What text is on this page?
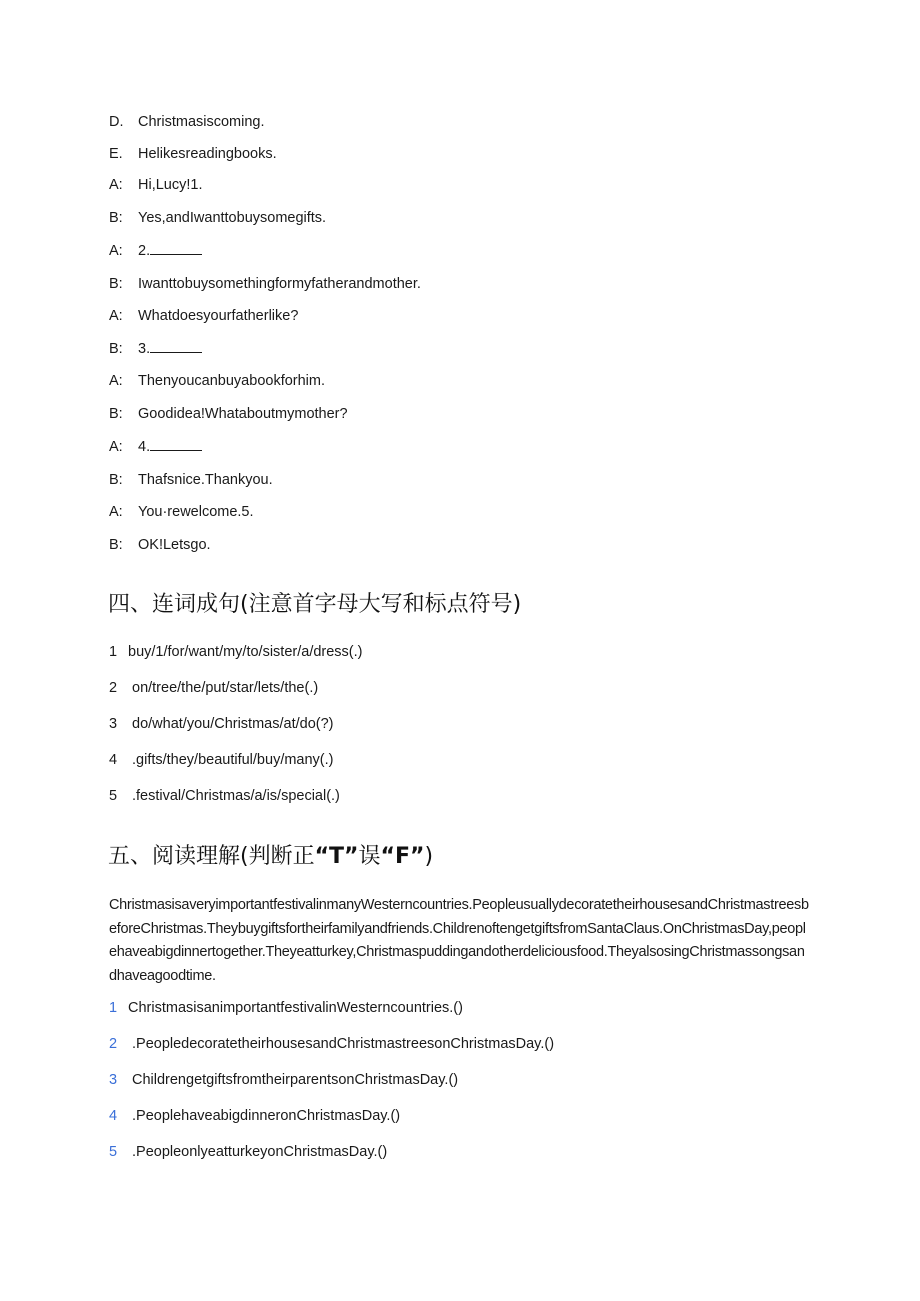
D. Christmasiscoming.
E. Helikesreadingbooks.
A: Hi,Lucy!1.
B: Yes,andIwanttobuysomegifts.
A: 2.
B: Iwanttobuysomethingformyfatherandmother.
A: Whatdoesyourfatherlike?
B: 3.
A: Thenyoucanbuyabookforhim.
B: Goodidea!Whataboutmymother?
A: 4.
B: Thafsnice.Thankyou.
A: You·rewelcome.5.
B: OK!Letsgo.
四、连词成句(注意首字母大写和标点符号)
1 buy/1/for/want/my/to/sister/a/dress(.)
2 on/tree/the/put/star/lets/the(.)
3 do/what/you/Christmas/at/do(?)
4 .gifts/they/beautiful/buy/many(.)
5 .festival/Christmas/a/is/special(.)
五、阅读理解(判断正“T”误“F”)
ChristmasisaveryimportantfestivalinmanyWesterncountries.PeopleusuallydecoratetheirhousesandChristmastreesbeforeChristmas.Theybuygiftsfortheirfamilyandfriends.ChildrenoftengetgiftsfromSantaClaus.OnChristmasDay,peoplehaveabigdinnertogether.Theyeatturkey,Christmaspuddingandotherdeliciousfood.TheyalsosingChristmassongsandhaveagoodtime.
1 ChristmasisanimportantfestivalinWesterncountries.()
2 .PeopledecoratetheirhousesandChristmastreesonChristmasDay.()
3 ChildrengetgiftsfromtheirparentsonChristmasDay.()
4 .PeoplehaveabigdinneronChristmasDay.()
5 .PeopleonlyeatturkeyonChristmasDay.()
